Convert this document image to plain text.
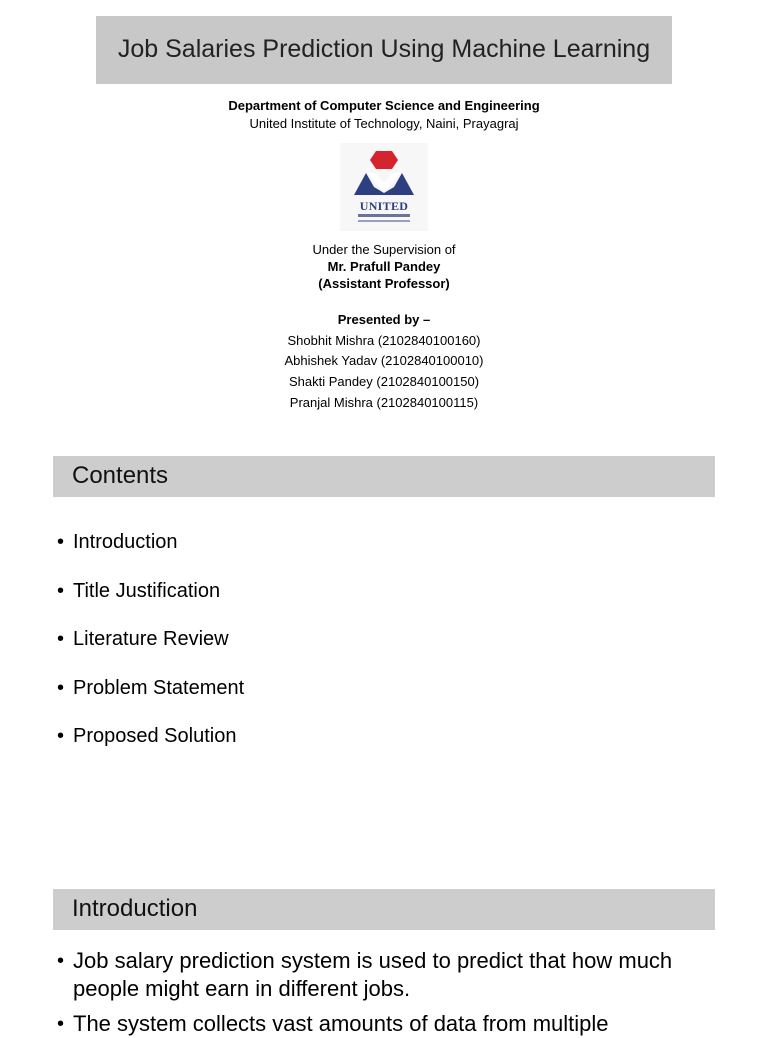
Job Salaries Prediction Using Machine Learning
Department of Computer Science and Engineering
United Institute of Technology, Naini, Prayagraj
UNITED
Under the Supervision of
Mr. Prafull Pandey
(Assistant Professor)
Presented by –
Shobhit Mishra (2102840100160)
Abhishek Yadav (2102840100010)
Shakti Pandey (2102840100150)
Pranjal Mishra (2102840100115)
Contents
• Introduction
• Title Justification
• Literature Review
• Problem Statement
• Proposed Solution
Introduction
• Job salary prediction system is used to predict that how much people might earn in different jobs.
• The system collects vast amounts of data from multiple
